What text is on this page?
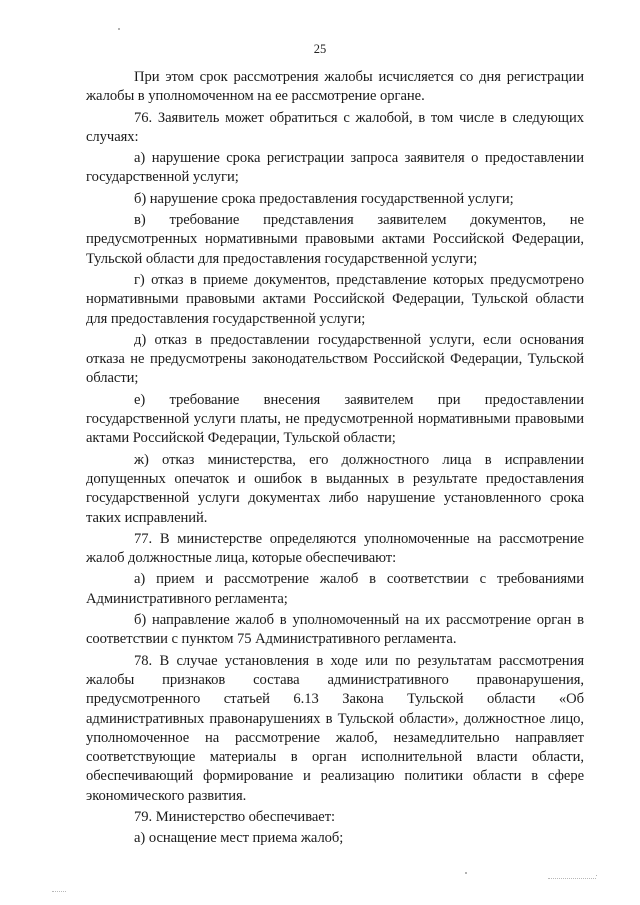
25

При этом срок рассмотрения жалобы исчисляется со дня регистрации жалобы в уполномоченном на ее рассмотрение органе.

76. Заявитель может обратиться с жалобой, в том числе в следующих случаях:

а) нарушение срока регистрации запроса заявителя о предоставлении государственной услуги;

б) нарушение срока предоставления государственной услуги;

в) требование представления заявителем документов, не предусмотренных нормативными правовыми актами Российской Федерации, Тульской области для предоставления государственной услуги;

г) отказ в приеме документов, представление которых предусмотрено нормативными правовыми актами Российской Федерации, Тульской области для предоставления государственной услуги;

д) отказ в предоставлении государственной услуги, если основания отказа не предусмотрены законодательством Российской Федерации, Тульской области;

е) требование внесения заявителем при предоставлении государственной услуги платы, не предусмотренной нормативными правовыми актами Российской Федерации, Тульской области;

ж) отказ министерства, его должностного лица в исправлении допущенных опечаток и ошибок в выданных в результате предоставления государственной услуги документах либо нарушение установленного срока таких исправлений.

77. В министерстве определяются уполномоченные на рассмотрение жалоб должностные лица, которые обеспечивают:

а) прием и рассмотрение жалоб в соответствии с требованиями Административного регламента;

б) направление жалоб в уполномоченный на их рассмотрение орган в соответствии с пунктом 75 Административного регламента.

78. В случае установления в ходе или по результатам рассмотрения жалобы признаков состава административного правонарушения, предусмотренного статьей 6.13 Закона Тульской области «Об административных правонарушениях в Тульской области», должностное лицо, уполномоченное на рассмотрение жалоб, незамедлительно направляет соответствующие материалы в орган исполнительной власти области, обеспечивающий формирование и реализацию политики области в сфере экономического развития.

79. Министерство обеспечивает:

а) оснащение мест приема жалоб;
